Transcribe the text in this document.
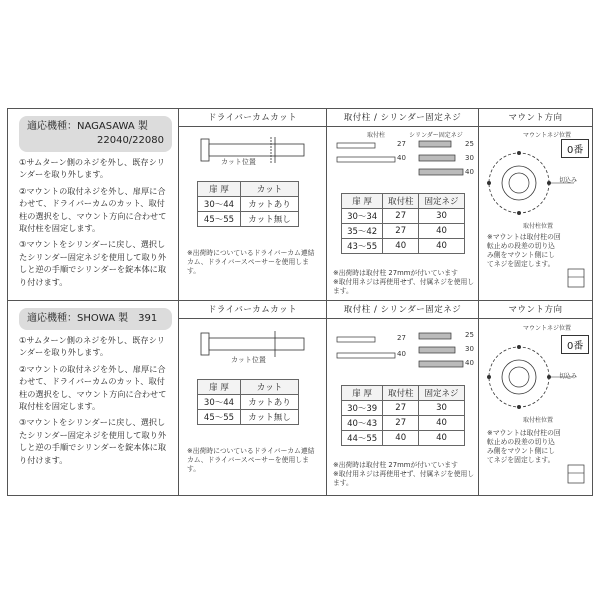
適応機種：NAGASAWA 製
22040/22080

①サムターン側のネジを外し、既存シリンダーを取り外します。

②マウントの取付ネジを外し、扉厚に合わせて、ドライバーカムのカット、取付柱の選択をし、マウント方向に合わせて取付柱を固定します。

③マウントをシリンダーに戻し、選択したシリンダー固定ネジを使用して取り外しと逆の手順でシリンダーを錠本体に取り付けます。

ドライバーカムカット
カット位置
扉 厚	カット
30～44	カットあり
45～55	カット無し

※出荷時についているドライバーカム連結カム、ドライバースペーサーを使用します。

取付柱 / シリンダー固定ネジ
取付柱	シリンダー固定ネジ
27
40
25
30
40
扉 厚	取付柱	固定ネジ
30～34	27	30
35～42	27	40
43～55	40	40

※出荷時は取付柱 27mmが付いています
※取付用ネジは再使用せず、付属ネジを使用します。

マウント方向
マウントネジ位置
0番
切込み
取付柱位置

※マウントは取付柱の回転止めの段差の切り込み側をマウント側にしてネジを固定します。

適応機種：SHOWA 製　391

①サムターン側のネジを外し、既存シリンダーを取り外します。

②マウントの取付ネジを外し、扉厚に合わせて、ドライバーカムのカット、取付柱の選択をし、マウント方向に合わせて取付柱を固定します。

③マウントをシリンダーに戻し、選択したシリンダー固定ネジを使用して取り外しと逆の手順でシリンダーを錠本体に取り付けます。

ドライバーカムカット
カット位置
扉 厚	カット
30～44	カットあり
45～55	カット無し

※出荷時についているドライバーカム連結カム、ドライバースペーサーを使用します。

取付柱 / シリンダー固定ネジ
27
40
25
30
40
扉 厚	取付柱	固定ネジ
30～39	27	30
40～43	27	40
44～55	40	40

※出荷時は取付柱 27mmが付いています
※取付用ネジは再使用せず、付属ネジを使用します。

マウント方向
マウントネジ位置
0番
切込み
取付柱位置

※マウントは取付柱の回転止めの段差の切り込み側をマウント側にしてネジを固定します。
